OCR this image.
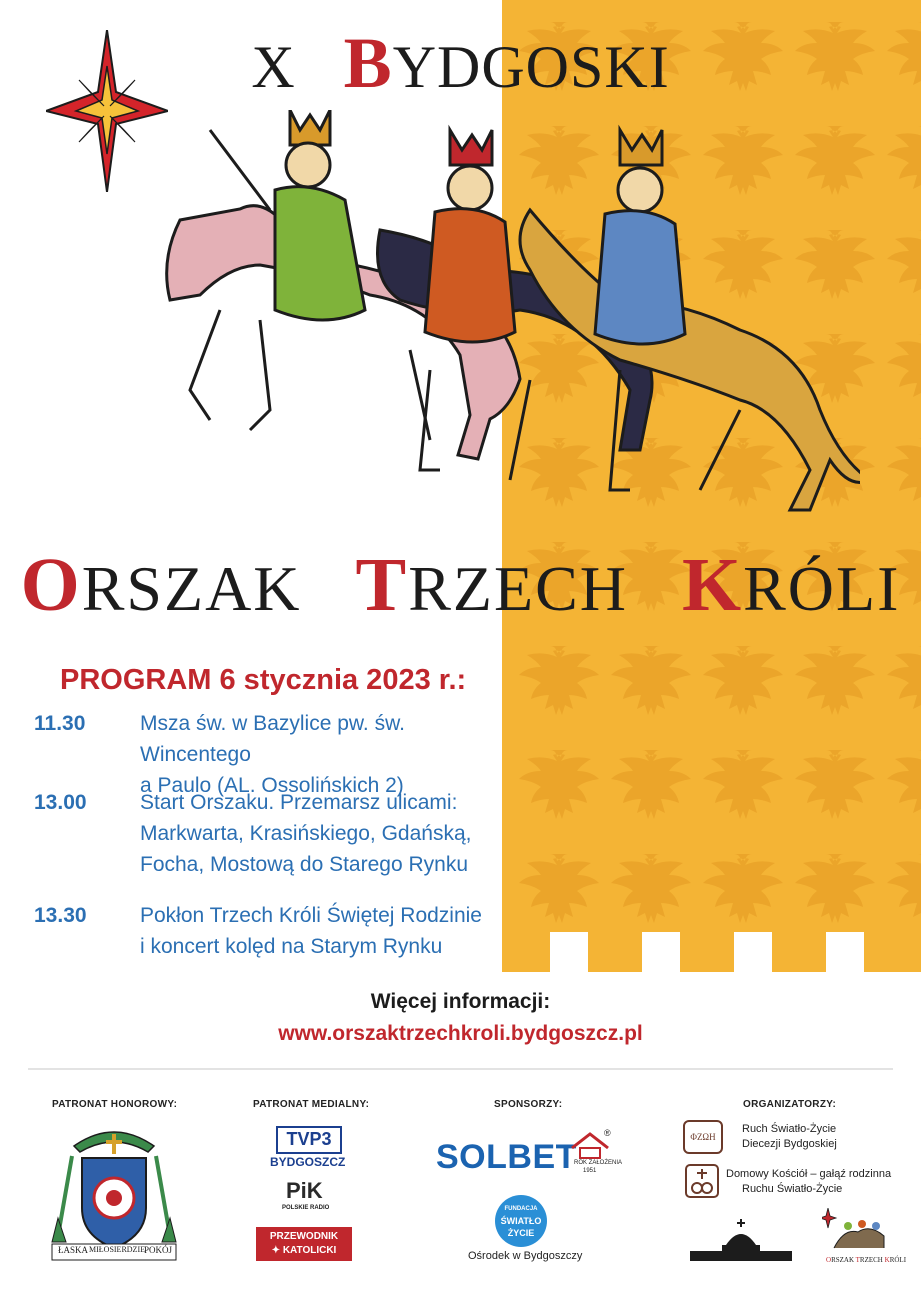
X BYDGOSKI
ORSZAK TRZECH KRÓLI
PROGRAM 6 stycznia 2023 r.:
11.30	Msza św. w Bazylice pw. św. Wincentego
a Paulo (AL. Ossolińskich 2)
13.00	Start Orszaku. Przemarsz ulicami:
Markwarta, Krasińskiego, Gdańską,
Focha, Mostową do Starego Rynku
13.30	Pokłon Trzech Króli Świętej Rodzinie
i koncert kolęd na Starym Rynku
Więcej informacji:
www.orszaktrzechkroli.bydgoszcz.pl
PATRONAT HONOROWY:
ŁASKA MIŁOSIERDZIE POKÓJ
PATRONAT MEDIALNY:
TVP3
BYDGOSZCZ
PiK
POLSKIE RADIO
PRZEWODNIK
✦ KATOLICKI
SPONSORZY:
SOLBET
®
ROK ZAŁOŻENIA
1951
FUNDACJA
ŚWIATŁO ŻYCIE
Ośrodek w Bydgoszczy
ORGANIZATORZY:
ΦΖΩΗ
Ruch Światło-Życie
Diecezji Bydgoskiej
Domowy Kościół – gałąź rodzinna
Ruchu Światło-Życie
ORSZAK TRZECH KRÓLI
